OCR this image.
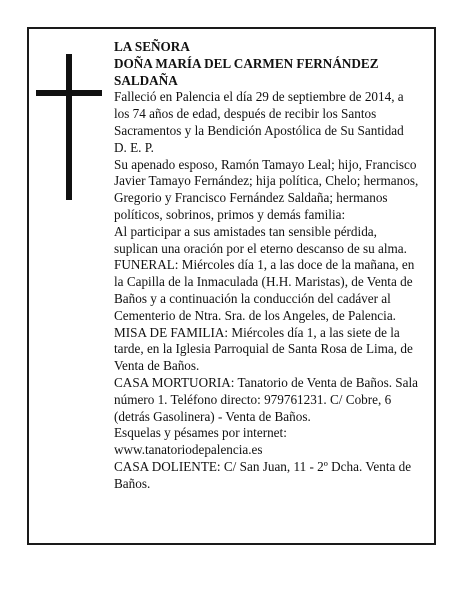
LA SEÑORA

DOÑA MARÍA DEL CARMEN FERNÁNDEZ SALDAÑA

Falleció en Palencia el día 29 de septiembre de 2014, a los 74 años de edad, después de recibir los Santos Sacramentos y la Bendición Apostólica de Su Santidad

D. E. P.

Su apenado esposo, Ramón Tamayo Leal; hijo, Francisco Javier Tamayo Fernández; hija política, Chelo; hermanos, Gregorio y Francisco Fernández Saldaña; hermanos políticos, sobrinos, primos y demás familia:

Al participar a sus amistades tan sensible pérdida, suplican una oración por el eterno descanso de su alma.

FUNERAL: Miércoles día 1, a las doce de la mañana, en la Capilla de la Inmaculada (H.H. Maristas), de Venta de Baños y a continuación la conducción del cadáver al Cementerio de Ntra. Sra. de los Angeles, de Palencia.

MISA DE FAMILIA: Miércoles día 1, a las siete de la tarde, en la Iglesia Parroquial de Santa Rosa de Lima, de Venta de Baños.

CASA MORTUORIA: Tanatorio de Venta de Baños. Sala número 1. Teléfono directo: 979761231. C/ Cobre, 6 (detrás Gasolinera) - Venta de Baños.

Esquelas y pésames por internet:

www.tanatoriodepalencia.es

CASA DOLIENTE: C/ San Juan, 11 - 2º Dcha. Venta de Baños.
